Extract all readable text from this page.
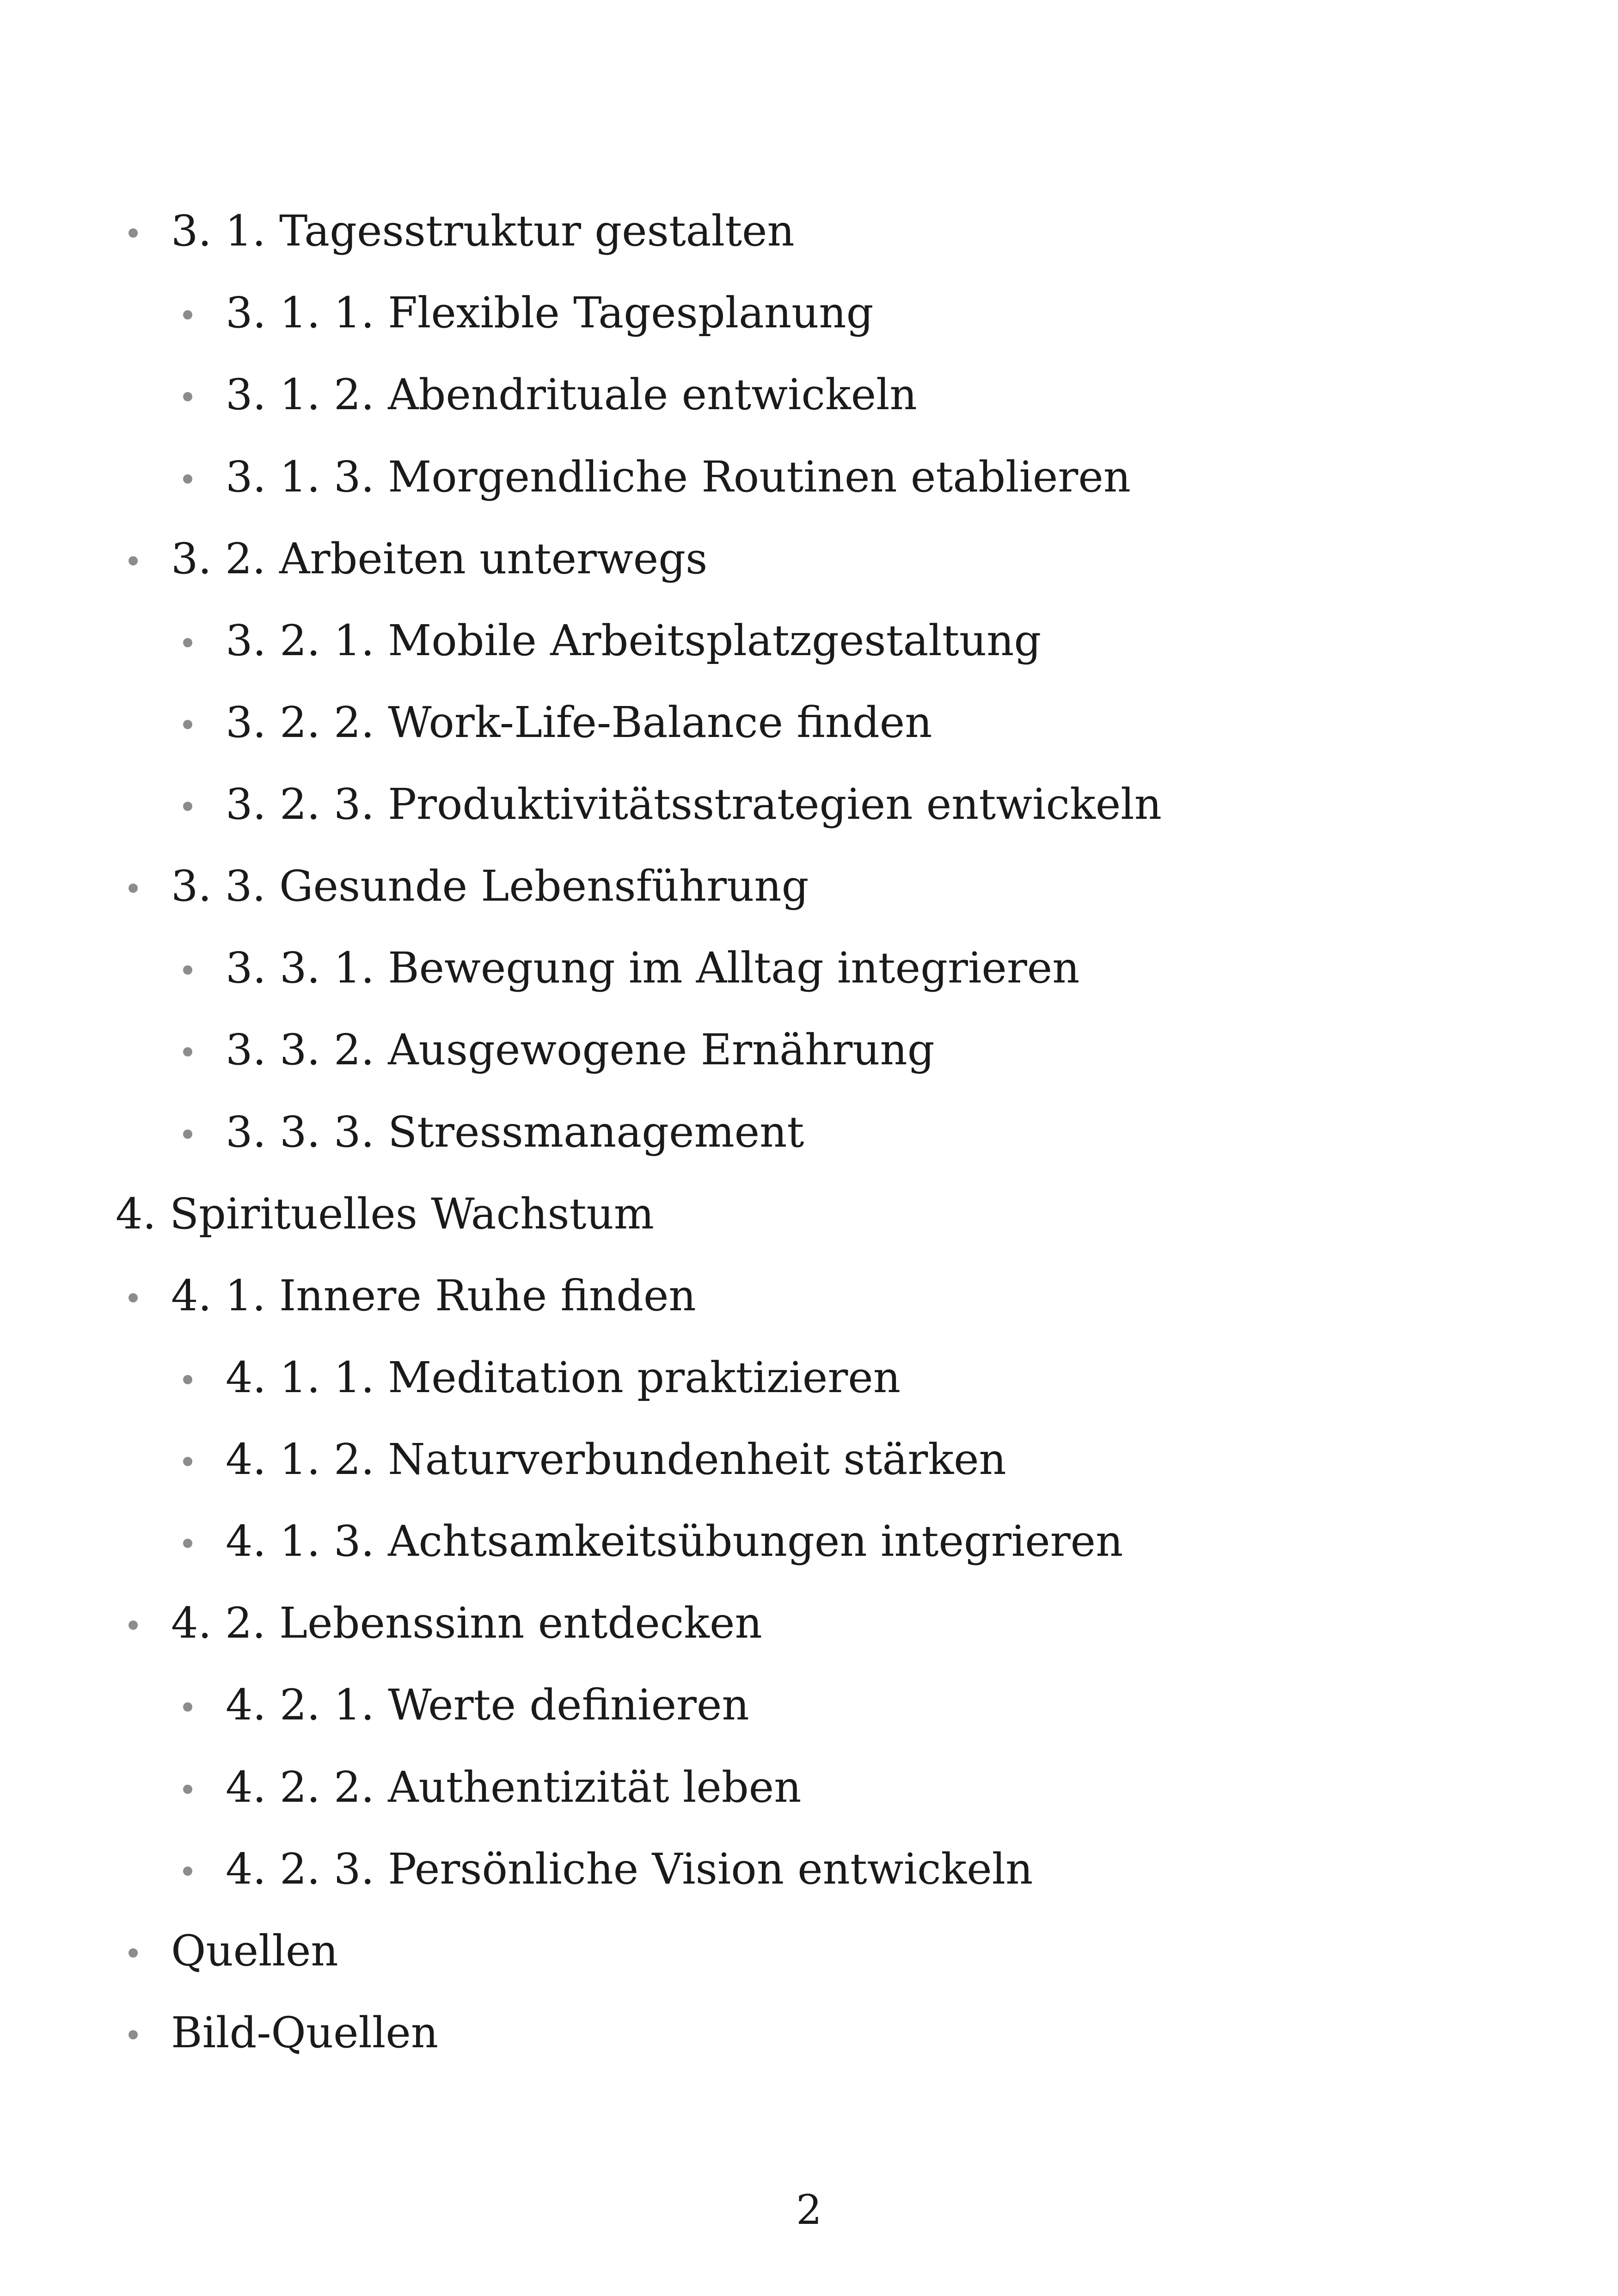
3. 1. Tagesstruktur gestalten
3. 1. 1. Flexible Tagesplanung
3. 1. 2. Abendrituale entwickeln
3. 1. 3. Morgendliche Routinen etablieren
3. 2. Arbeiten unterwegs
3. 2. 1. Mobile Arbeitsplatzgestaltung
3. 2. 2. Work-Life-Balance finden
3. 2. 3. Produktivitätsstrategien entwickeln
3. 3. Gesunde Lebensführung
3. 3. 1. Bewegung im Alltag integrieren
3. 3. 2. Ausgewogene Ernährung
3. 3. 3. Stressmanagement
4. Spirituelles Wachstum
4. 1. Innere Ruhe finden
4. 1. 1. Meditation praktizieren
4. 1. 2. Naturverbundenheit stärken
4. 1. 3. Achtsamkeitsübungen integrieren
4. 2. Lebenssinn entdecken
4. 2. 1. Werte definieren
4. 2. 2. Authentizität leben
4. 2. 3. Persönliche Vision entwickeln
Quellen
Bild-Quellen
2
